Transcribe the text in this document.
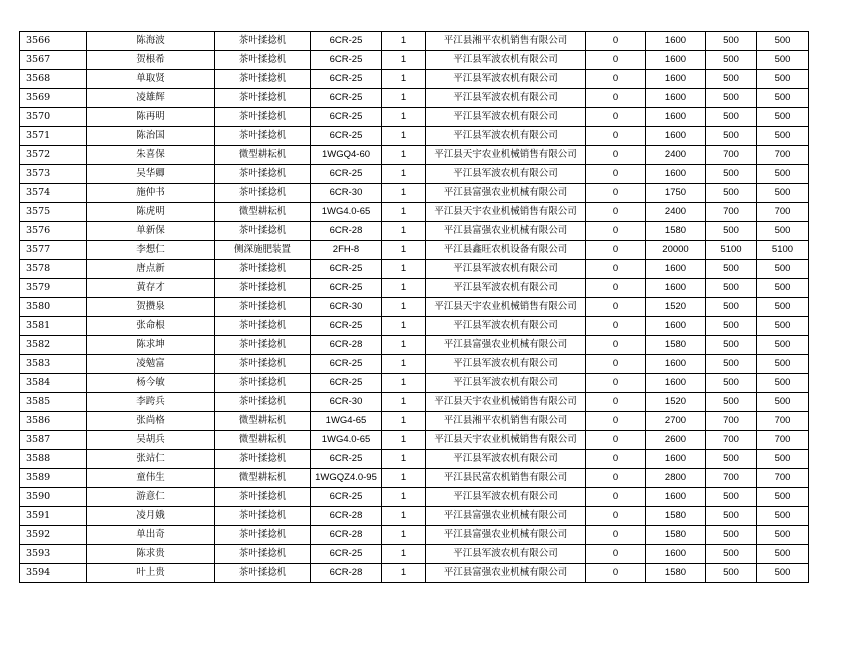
3566	陈海波	茶叶揉捻机	6CR-25	1	平江县湘平农机销售有限公司	0	1600	500	500
3567	贺根希	茶叶揉捻机	6CR-25	1	平江县军波农机有限公司	0	1600	500	500
3568	单取贤	茶叶揉捻机	6CR-25	1	平江县军波农机有限公司	0	1600	500	500
3569	凌雄辉	茶叶揉捻机	6CR-25	1	平江县军波农机有限公司	0	1600	500	500
3570	陈再明	茶叶揉捻机	6CR-25	1	平江县军波农机有限公司	0	1600	500	500
3571	陈治国	茶叶揉捻机	6CR-25	1	平江县军波农机有限公司	0	1600	500	500
3572	朱喜保	微型耕耘机	1WGQ4-60	1	平江县天宇农业机械销售有限公司	0	2400	700	700
3573	吴华卿	茶叶揉捻机	6CR-25	1	平江县军波农机有限公司	0	1600	500	500
3574	施仲书	茶叶揉捻机	6CR-30	1	平江县富强农业机械有限公司	0	1750	500	500
3575	陈虎明	微型耕耘机	1WG4.0-65	1	平江县天宇农业机械销售有限公司	0	2400	700	700
3576	单新保	茶叶揉捻机	6CR-28	1	平江县富强农业机械有限公司	0	1580	500	500
3577	李想仁	侧深施肥装置	2FH-8	1	平江县鑫旺农机设备有限公司	0	20000	5100	5100
3578	唐点新	茶叶揉捻机	6CR-25	1	平江县军波农机有限公司	0	1600	500	500
3579	黄存才	茶叶揉捻机	6CR-25	1	平江县军波农机有限公司	0	1600	500	500
3580	贺攒泉	茶叶揉捻机	6CR-30	1	平江县天宇农业机械销售有限公司	0	1520	500	500
3581	张命根	茶叶揉捻机	6CR-25	1	平江县军波农机有限公司	0	1600	500	500
3582	陈求坤	茶叶揉捻机	6CR-28	1	平江县富强农业机械有限公司	0	1580	500	500
3583	凌勉富	茶叶揉捻机	6CR-25	1	平江县军波农机有限公司	0	1600	500	500
3584	杨今敏	茶叶揉捻机	6CR-25	1	平江县军波农机有限公司	0	1600	500	500
3585	李跨兵	茶叶揉捻机	6CR-30	1	平江县天宇农业机械销售有限公司	0	1520	500	500
3586	张尚格	微型耕耘机	1WG4-65	1	平江县湘平农机销售有限公司	0	2700	700	700
3587	吴胡兵	微型耕耘机	1WG4.0-65	1	平江县天宇农业机械销售有限公司	0	2600	700	700
3588	张站仁	茶叶揉捻机	6CR-25	1	平江县军波农机有限公司	0	1600	500	500
3589	童伟生	微型耕耘机	1WGQZ4.0-95	1	平江县民富农机销售有限公司	0	2800	700	700
3590	游意仁	茶叶揉捻机	6CR-25	1	平江县军波农机有限公司	0	1600	500	500
3591	凌月娥	茶叶揉捻机	6CR-28	1	平江县富强农业机械有限公司	0	1580	500	500
3592	单出奇	茶叶揉捻机	6CR-28	1	平江县富强农业机械有限公司	0	1580	500	500
3593	陈求贵	茶叶揉捻机	6CR-25	1	平江县军波农机有限公司	0	1600	500	500
3594	叶上贵	茶叶揉捻机	6CR-28	1	平江县富强农业机械有限公司	0	1580	500	500
